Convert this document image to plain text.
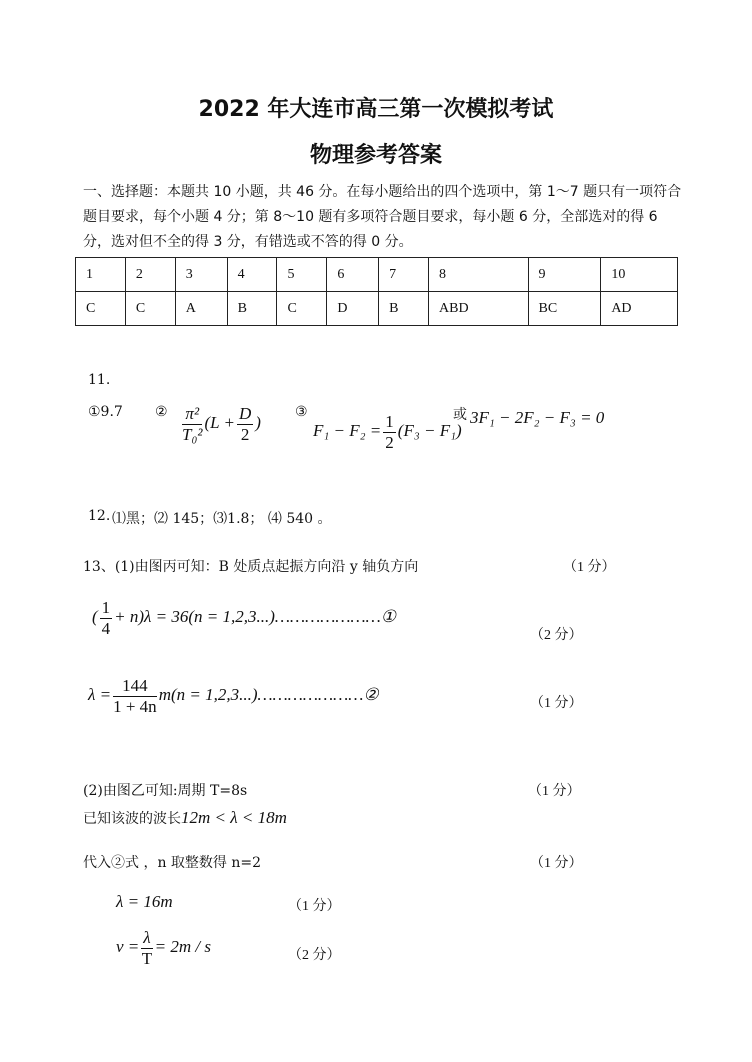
2022 年大连市高三第一次模拟考试
物理参考答案
一、选择题：本题共 10 小题，共 46 分。在每小题给出的四个选项中，第 1～7 题只有一项符合题目要求，每个小题 4 分；第 8～10 题有多项符合题目要求，每小题 6 分，全部选对的得 6 分，选对但不全的得 3 分，有错选或不答的得 0 分。
1	2	3	4	5	6	7	8	9	10
C	C	A	B	C	D	B	ABD	BC	AD
11.
①9.7 ② $\frac{\text{π²}}{\text{T₀²}} (L + \frac{D}{2}$ )
③
$F_1 - F_2 = \frac{1}{2} (F_3 - F_1)$
或 3F₁ − 2F₂ − F₃ = 0
12. ⑴黑；⑵ 145；⑶1.8； ⑷ 540 。
13、(1)由图丙可知：B 处质点起振方向沿 y 轴负方向	（1 分）
( $\frac{1}{4} + n)\lambda = 36(n$ = 1,2,3...)…………………①
（2 分）
$\lambda = \frac{144}{1 + 4n} m(n$ = 1,2,3...)…………………②	（1 分）
(2)由图乙可知:周期 T=8s	（1 分）
已知该波的波长12m < λ < 18m
代入②式 ，n 取整数得 n=2	（1 分）
λ = 16m	（1 分）
$v = \frac{\lambda}{T} = 2m / s$	（2 分）
